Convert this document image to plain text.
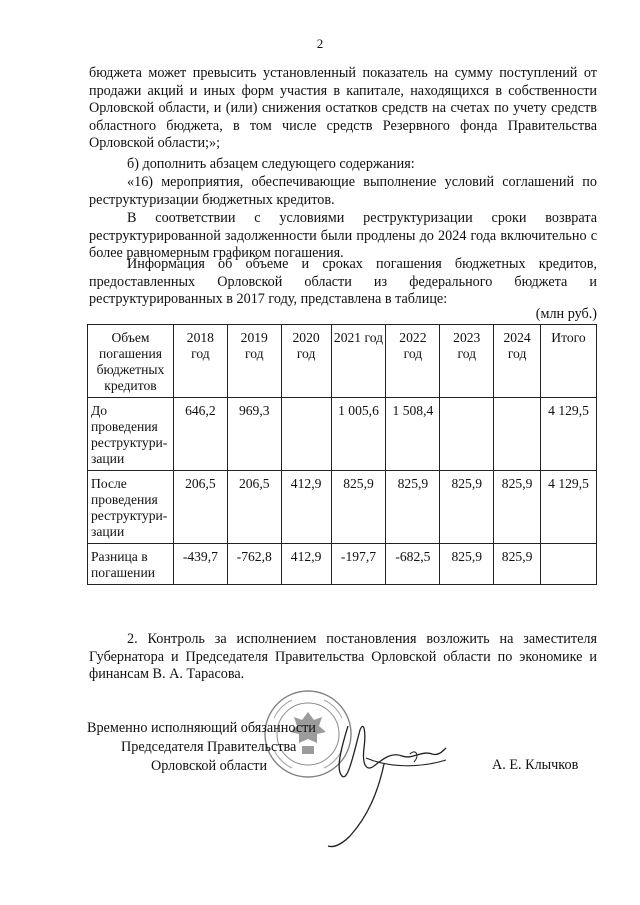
2

бюджета может превысить установленный показатель на сумму поступлений от продажи акций и иных форм участия в капитале, находящихся в собственности Орловской области, и (или) снижения остатков средств на счетах по учету средств областного бюджета, в том числе средств Резервного фонда Правительства Орловской области;»;

б) дополнить абзацем следующего содержания:

«16) мероприятия, обеспечивающие выполнение условий соглашений по реструктуризации бюджетных кредитов.

В соответствии с условиями реструктуризации сроки возврата реструктурированной задолженности были продлены до 2024 года включительно с более равномерным графиком погашения.

Информация об объеме и сроках погашения бюджетных кредитов, предоставленных Орловской области из федерального бюджета и реструктурированных в 2017 году, представлена в таблице:

(млн руб.)
Объем погашения бюджетных кредитов	2018 год	2019 год	2020 год	2021 год	2022 год	2023 год	2024 год	Итого
До проведения реструктури-зации	646,2	969,3		1 005,6	1 508,4			4 129,5
После проведения реструктури-зации	206,5	206,5	412,9	825,9	825,9	825,9	825,9	4 129,5
Разница в погашении	-439,7	-762,8	412,9	-197,7	-682,5	825,9	825,9	

2. Контроль за исполнением постановления возложить на заместителя Губернатора и Председателя Правительства Орловской области по экономике и финансам В. А. Тарасова.

Временно исполняющий обязанности
Председателя Правительства
Орловской области	А. Е. Клычков
